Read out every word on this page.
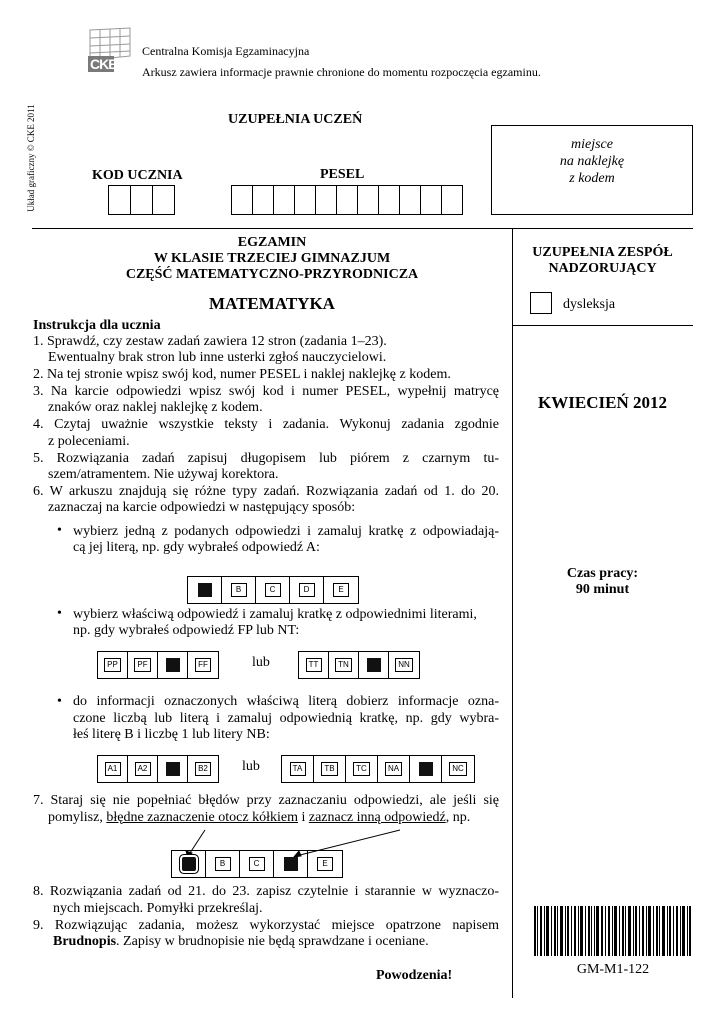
CKE
Centralna Komisja Egzaminacyjna
Arkusz zawiera informacje prawnie chronione do momentu rozpoczęcia egzaminu.
Układ graficzny © CKE 2011	UZUPEŁNIA UCZEŃ
KOD UCZNIA	PESEL
miejsce
na naklejkę
z kodem
EGZAMIN
W KLASIE TRZECIEJ GIMNAZJUM
CZĘŚĆ MATEMATYCZNO-PRZYRODNICZA
MATEMATYKA
UZUPEŁNIA ZESPÓŁ
NADZORUJĄCY
dysleksja
KWIECIEŃ 2012
Czas pracy:
90 minut
GM-M1-122
Instrukcja dla ucznia
1. Sprawdź, czy zestaw zadań zawiera 12 stron (zadania 1–23).
Ewentualny brak stron lub inne usterki zgłoś nauczycielowi.
2. Na tej stronie wpisz swój kod, numer PESEL i naklej naklejkę z kodem.
3. Na karcie odpowiedzi wpisz swój kod i numer PESEL, wypełnij matrycę
znaków oraz naklej naklejkę z kodem.
4. Czytaj uważnie wszystkie teksty i zadania. Wykonuj zadania zgodnie
z poleceniami.
5. Rozwiązania zadań zapisuj długopisem lub piórem z czarnym tu-
szem/atramentem. Nie używaj korektora.
6. W arkuszu znajdują się różne typy zadań. Rozwiązania zadań od 1. do 20.
zaznaczaj na karcie odpowiedzi w następujący sposób:
• wybierz jedną z podanych odpowiedzi i zamaluj kratkę z odpowiadają-
cą jej literą, np. gdy wybrałeś odpowiedź A:
B	C	D	E
• wybierz właściwą odpowiedź i zamaluj kratkę z odpowiednimi literami,
np. gdy wybrałeś odpowiedź FP lub NT:
PP	PF	FF	lub	TT	TN	NN
• do informacji oznaczonych właściwą literą dobierz informacje ozna-
czone liczbą lub literą i zamaluj odpowiednią kratkę, np. gdy wybra-
łeś literę B i liczbę 1 lub litery NB:
A1	A2	B2 lub	TA	TB	TC	NA	NC
7. Staraj się nie popełniać błędów przy zaznaczaniu odpowiedzi, ale jeśli się
pomylisz, błędne zaznaczenie otocz kółkiem i zaznacz inną odpowiedź, np.
B	C	E
8. Rozwiązania zadań od 21. do 23. zapisz czytelnie i starannie w wyznaczo-
nych miejscach. Pomyłki przekreślaj.
9. Rozwiązując zadania, możesz wykorzystać miejsce opatrzone napisem
Brudnopis. Zapisy w brudnopisie nie będą sprawdzane i oceniane.
Powodzenia!
